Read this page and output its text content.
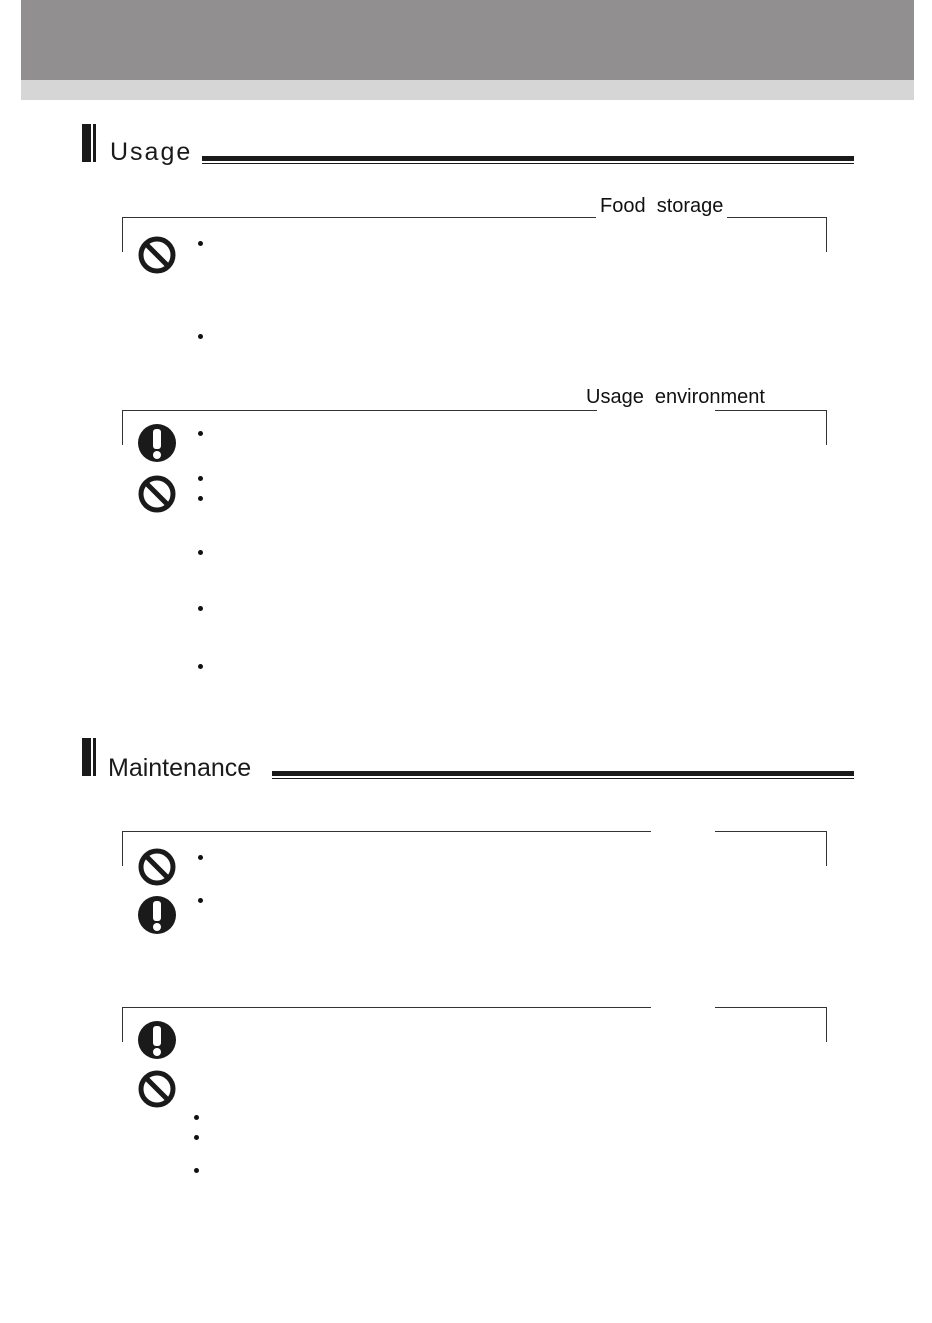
Usage
Food  storage
Usage  environment
Maintenance
